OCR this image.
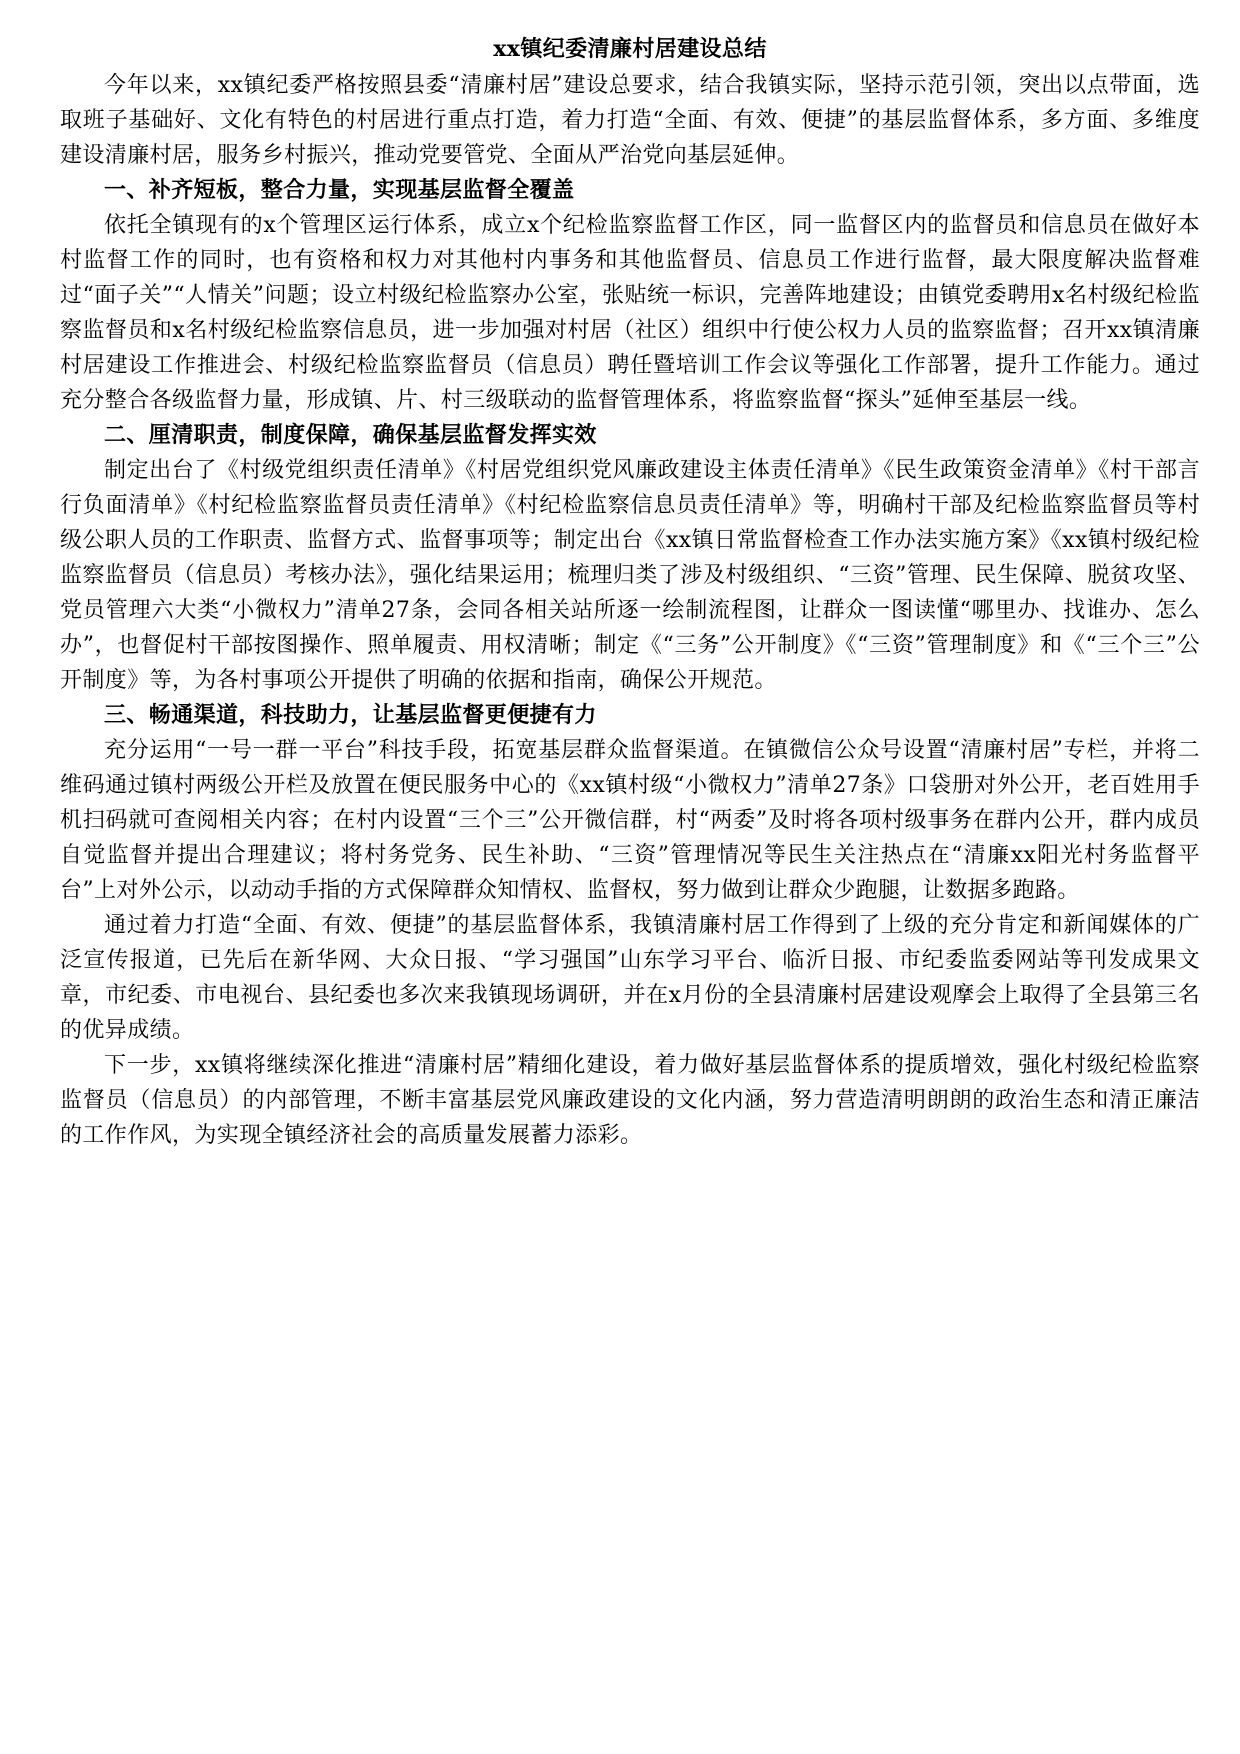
xx镇纪委清廉村居建设总结

今年以来，xx镇纪委严格按照县委“清廉村居”建设总要求，结合我镇实际，坚持示范引领，突出以点带面，选取班子基础好、文化有特色的村居进行重点打造，着力打造“全面、有效、便捷”的基层监督体系，多方面、多维度建设清廉村居，服务乡村振兴，推动党要管党、全面从严治党向基层延伸。

一、补齐短板，整合力量，实现基层监督全覆盖

依托全镇现有的x个管理区运行体系，成立x个纪检监察监督工作区，同一监督区内的监督员和信息员在做好本村监督工作的同时，也有资格和权力对其他村内事务和其他监督员、信息员工作进行监督，最大限度解决监督难过“面子关”“人情关”问题；设立村级纪检监察办公室，张贴统一标识，完善阵地建设；由镇党委聘用x名村级纪检监察监督员和x名村级纪检监察信息员，进一步加强对村居（社区）组织中行使公权力人员的监察监督；召开xx镇清廉村居建设工作推进会、村级纪检监察监督员（信息员）聘任暨培训工作会议等强化工作部署，提升工作能力。通过充分整合各级监督力量，形成镇、片、村三级联动的监督管理体系，将监察监督“探头”延伸至基层一线。

二、厘清职责，制度保障，确保基层监督发挥实效

制定出台了《村级党组织责任清单》《村居党组织党风廉政建设主体责任清单》《民生政策资金清单》《村干部言行负面清单》《村纪检监察监督员责任清单》《村纪检监察信息员责任清单》等，明确村干部及纪检监察监督员等村级公职人员的工作职责、监督方式、监督事项等；制定出台《xx镇日常监督检查工作办法实施方案》《xx镇村级纪检监察监督员（信息员）考核办法》，强化结果运用；梳理归类了涉及村级组织、“三资”管理、民生保障、脱贫攻坚、党员管理六大类“小微权力”清单27条，会同各相关站所逐一绘制流程图，让群众一图读懂“哪里办、找谁办、怎么办”，也督促村干部按图操作、照单履责、用权清晰；制定《“三务”公开制度》《“三资”管理制度》和《“三个三”公开制度》等，为各村事项公开提供了明确的依据和指南，确保公开规范。

三、畅通渠道，科技助力，让基层监督更便捷有力

充分运用“一号一群一平台”科技手段，拓宽基层群众监督渠道。在镇微信公众号设置“清廉村居”专栏，并将二维码通过镇村两级公开栏及放置在便民服务中心的《xx镇村级“小微权力”清单27条》口袋册对外公开，老百姓用手机扫码就可查阅相关内容；在村内设置“三个三”公开微信群，村“两委”及时将各项村级事务在群内公开，群内成员自觉监督并提出合理建议；将村务党务、民生补助、“三资”管理情况等民生关注热点在“清廉xx阳光村务监督平台”上对外公示，以动动手指的方式保障群众知情权、监督权，努力做到让群众少跑腿，让数据多跑路。

通过着力打造“全面、有效、便捷”的基层监督体系，我镇清廉村居工作得到了上级的充分肯定和新闻媒体的广泛宣传报道，已先后在新华网、大众日报、“学习强国”山东学习平台、临沂日报、市纪委监委网站等刊发成果文章，市纪委、市电视台、县纪委也多次来我镇现场调研，并在x月份的全县清廉村居建设观摩会上取得了全县第三名的优异成绩。

下一步，xx镇将继续深化推进“清廉村居”精细化建设，着力做好基层监督体系的提质增效，强化村级纪检监察监督员（信息员）的内部管理，不断丰富基层党风廉政建设的文化内涵，努力营造清明朗朗的政治生态和清正廉洁的工作作风，为实现全镇经济社会的高质量发展蓄力添彩。
